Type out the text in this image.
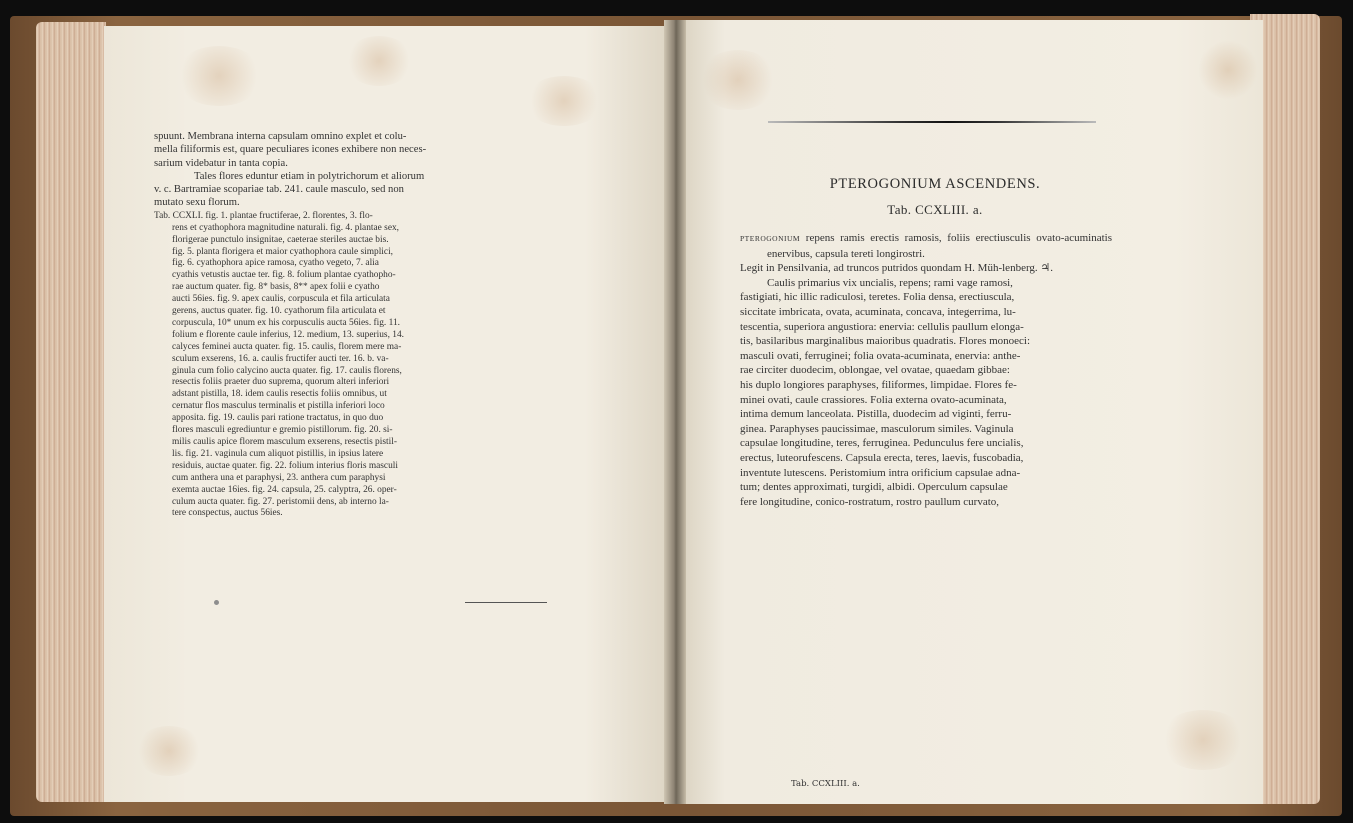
spuunt. Membrana interna capsulam omnino explet et colu-

mella filiformis est, quare peculiares icones exhibere non neces-

sarium videbatur in tanta copia.

Tales flores eduntur etiam in polytrichorum et aliorum

v. c. Bartramiae scopariae tab. 241. caule masculo, sed non

mutato sexu florum.

Tab. CCXLI. fig. 1. plantae fructiferae, 2. florentes, 3. flo-

rens et cyathophora magnitudine naturali. fig. 4. plantae sex,

florigerae punctulo insignitae, caeterae steriles auctae bis.

fig. 5. planta florigera et maior cyathophora caule simplici,

fig. 6. cyathophora apice ramosa, cyatho vegeto, 7. alia

cyathis vetustis auctae ter. fig. 8. folium plantae cyathopho-

rae auctum quater. fig. 8* basis, 8** apex folii e cyatho

aucti 56ies. fig. 9. apex caulis, corpuscula et fila articulata

gerens, auctus quater. fig. 10. cyathorum fila articulata et

corpuscula, 10* unum ex his corpusculis aucta 56ies. fig. 11.

folium e florente caule inferius, 12. medium, 13. superius, 14.

calyces feminei aucta quater. fig. 15. caulis, florem mere ma-

sculum exserens, 16. a. caulis fructifer aucti ter. 16. b. va-

ginula cum folio calycino aucta quater. fig. 17. caulis florens,

resectis foliis praeter duo suprema, quorum alteri inferiori

adstant pistilla, 18. idem caulis resectis foliis omnibus, ut

cernatur flos masculus terminalis et pistilla inferiori loco

apposita. fig. 19. caulis pari ratione tractatus, in quo duo

flores masculi egrediuntur e gremio pistillorum. fig. 20. si-

milis caulis apice florem masculum exserens, resectis pistil-

lis. fig. 21. vaginula cum aliquot pistillis, in ipsius latere

residuis, auctae quater. fig. 22. folium interius floris masculi

cum anthera una et paraphysi, 23. anthera cum paraphysi

exemta auctae 16ies. fig. 24. capsula, 25. calyptra, 26. oper-

culum aucta quater. fig. 27. peristomii dens, ab interno la-

tere conspectus, auctus 56ies.

PTEROGONIUM ASCENDENS.
Tab. CCXLIII. a.

PTEROGONIUM repens ramis erectis ramosis, foliis erectiusculis ovato-acuminatis enervibus, capsula tereti longirostri.

Legit in Pensilvania, ad truncos putridos quondam H. Müh-lenberg. ♃.

Caulis primarius vix uncialis, repens; rami vage ramosi,

fastigiati, hic illic radiculosi, teretes. Folia densa, erectiuscula,

siccitate imbricata, ovata, acuminata, concava, integerrima, lu-

tescentia, superiora angustiora: enervia: cellulis paullum elonga-

tis, basilaribus marginalibus maioribus quadratis. Flores monoeci:

masculi ovati, ferruginei; folia ovata-acuminata, enervia: anthe-

rae circiter duodecim, oblongae, vel ovatae, quaedam gibbae:

his duplo longiores paraphyses, filiformes, limpidae. Flores fe-

minei ovati, caule crassiores. Folia externa ovato-acuminata,

intima demum lanceolata. Pistilla, duodecim ad viginti, ferru-

ginea. Paraphyses paucissimae, masculorum similes. Vaginula

capsulae longitudine, teres, ferruginea. Pedunculus fere uncialis,

erectus, luteorufescens. Capsula erecta, teres, laevis, fuscobadia,

inventute lutescens. Peristomium intra orificium capsulae adna-

tum; dentes approximati, turgidi, albidi. Operculum capsulae

fere longitudine, conico-rostratum, rostro paullum curvato,

Tab. CCXLIII. a.
